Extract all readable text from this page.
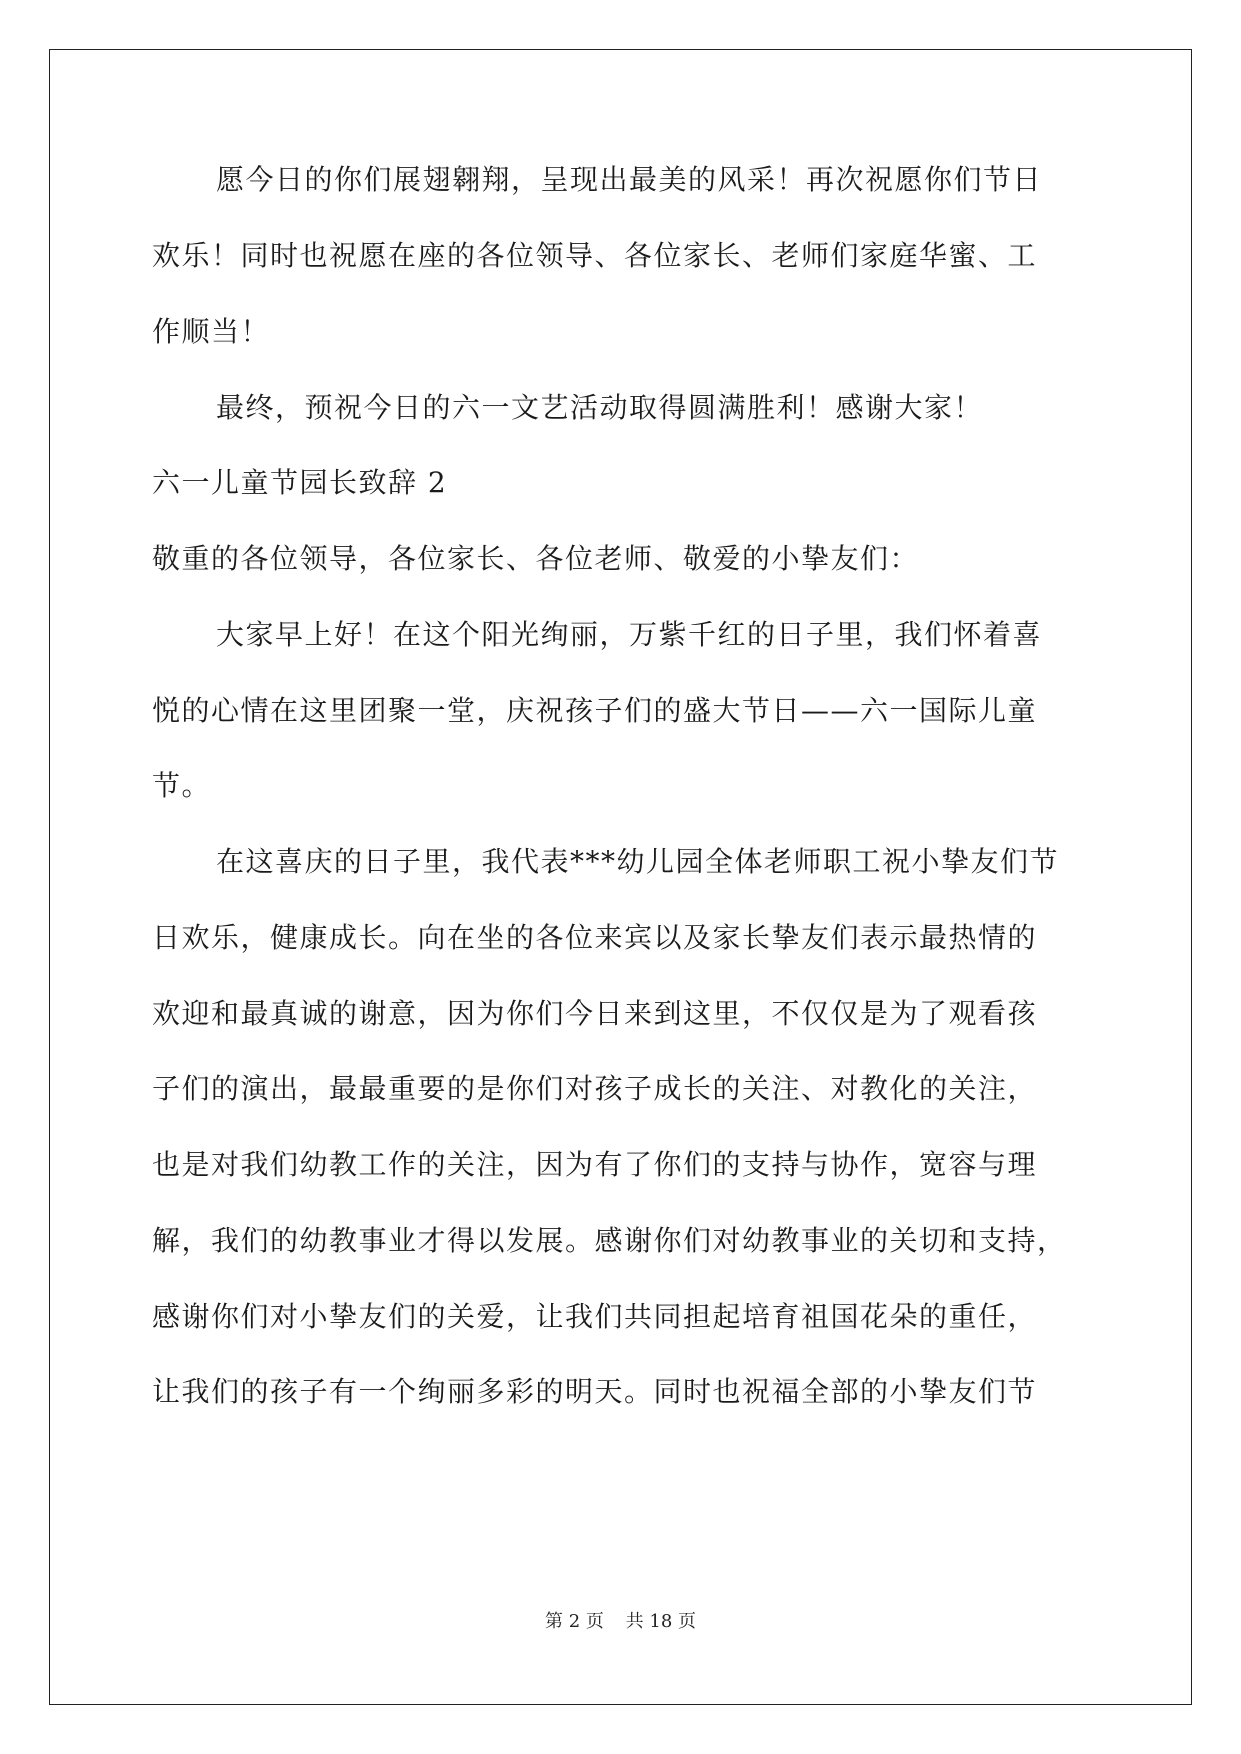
愿今日的你们展翅翱翔，呈现出最美的风采！再次祝愿你们节日
欢乐！同时也祝愿在座的各位领导、各位家长、老师们家庭华蜜、工
作顺当！
最终，预祝今日的六一文艺活动取得圆满胜利！感谢大家！
六一儿童节园长致辞 2
敬重的各位领导，各位家长、各位老师、敬爱的小挚友们：
大家早上好！在这个阳光绚丽，万紫千红的日子里，我们怀着喜
悦的心情在这里团聚一堂，庆祝孩子们的盛大节日——六一国际儿童
节。
在这喜庆的日子里，我代表***幼儿园全体老师职工祝小挚友们节
日欢乐，健康成长。向在坐的各位来宾以及家长挚友们表示最热情的
欢迎和最真诚的谢意，因为你们今日来到这里，不仅仅是为了观看孩
子们的演出，最最重要的是你们对孩子成长的关注、对教化的关注，
也是对我们幼教工作的关注，因为有了你们的支持与协作，宽容与理
解，我们的幼教事业才得以发展。感谢你们对幼教事业的关切和支持，
感谢你们对小挚友们的关爱，让我们共同担起培育祖国花朵的重任，
让我们的孩子有一个绚丽多彩的明天。同时也祝福全部的小挚友们节
第 2 页 共 18 页
